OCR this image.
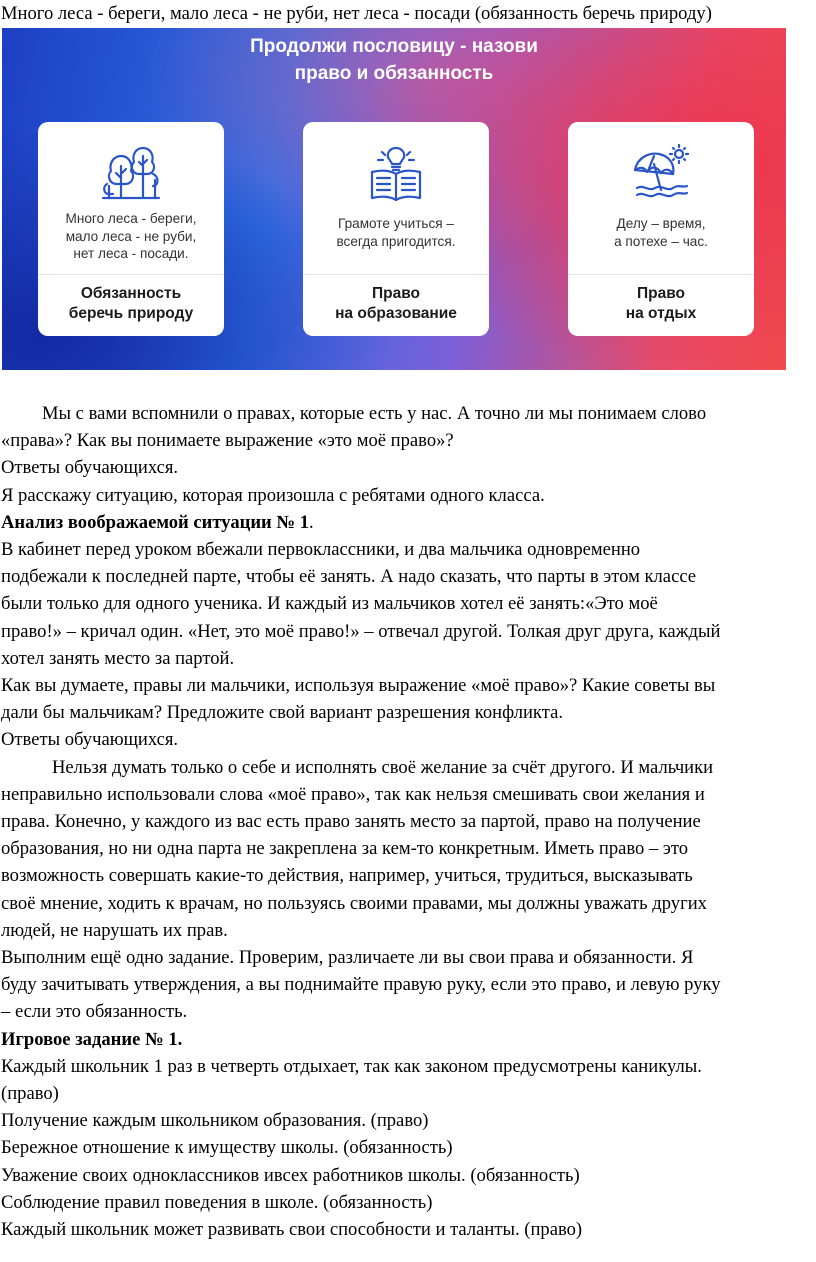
Много леса - береги, мало леса - не руби, нет леса - посади (обязанность беречь природу)

Продолжи пословицу - назови
право и обязанность
Много леса - береги,
мало леса - не руби,
нет леса - посади.
Обязанность
беречь природу
Грамоте учиться –
всегда пригодится.
Право
на образование
Делу – время,
а потехе – час.
Право
на отдых

Мы с вами вспомнили о правах, которые есть у нас. А точно ли мы понимаем слово

«права»? Как вы понимаете выражение «это моё право»?

Ответы обучающихся.

Я расскажу ситуацию, которая произошла с ребятами одного класса.

Анализ воображаемой ситуации № 1.

В кабинет перед уроком вбежали первоклассники, и два мальчика одновременно

подбежали к последней парте, чтобы её занять. А надо сказать, что парты в этом классе

были только для одного ученика. И каждый из мальчиков хотел её занять:«Это моё

право!» – кричал один. «Нет, это моё право!» – отвечал другой. Толкая друг друга, каждый

хотел занять место за партой.

Как вы думаете, правы ли мальчики, используя выражение «моё право»? Какие советы вы

дали бы мальчикам? Предложите свой вариант разрешения конфликта.

Ответы обучающихся.

Нельзя думать только о себе и исполнять своё желание за счёт другого. И мальчики

неправильно использовали слова «моё право», так как нельзя смешивать свои желания и

права. Конечно, у каждого из вас есть право занять место за партой, право на получение

образования, но ни одна парта не закреплена за кем-то конкретным. Иметь право – это

возможность совершать какие-то действия, например, учиться, трудиться, высказывать

своё мнение, ходить к врачам, но пользуясь своими правами, мы должны уважать других

людей, не нарушать их прав.

Выполним ещё одно задание. Проверим, различаете ли вы свои права и обязанности. Я

буду зачитывать утверждения, а вы поднимайте правую руку, если это право, и левую руку

– если это обязанность.

Игровое задание № 1.

Каждый школьник 1 раз в четверть отдыхает, так как законом предусмотрены каникулы.

(право)

Получение каждым школьником образования. (право)

Бережное отношение к имуществу школы. (обязанность)

Уважение своих одноклассников ивсех работников школы. (обязанность)

Соблюдение правил поведения в школе. (обязанность)

Каждый школьник может развивать свои способности и таланты. (право)
